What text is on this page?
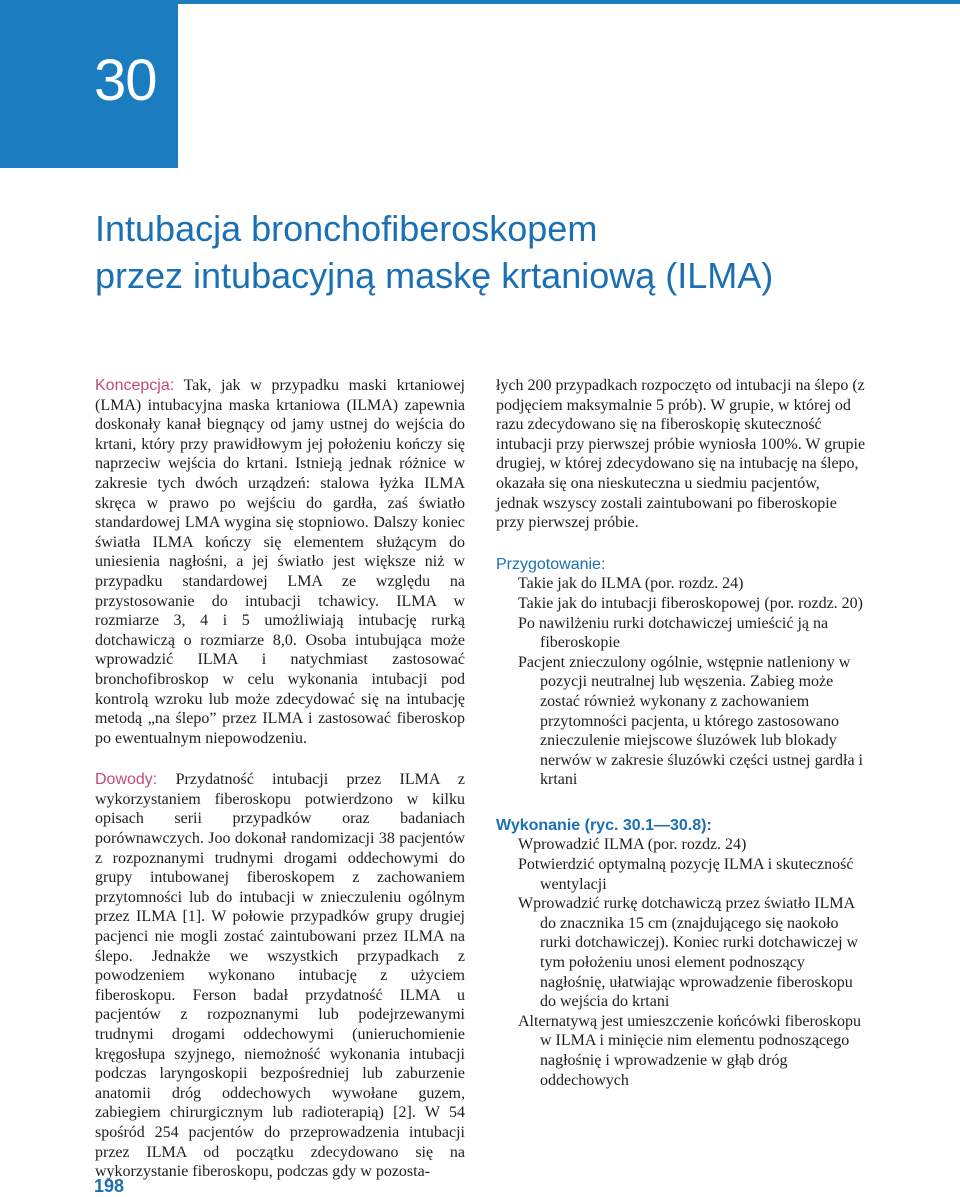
30
Intubacja bronchofiberoskopem
przez intubacyjną maskę krtaniową (ILMA)

Koncepcja: Tak, jak w przypadku maski krtaniowej (LMA) intubacyjna maska krtaniowa (ILMA) zapewnia doskonały kanał biegnący od jamy ustnej do wejścia do krtani, który przy prawidłowym jej położeniu kończy się naprzeciw wejścia do krtani. Istnieją jednak różnice w zakresie tych dwóch urządzeń: stalowa łyżka ILMA skręca w prawo po wejściu do gardła, zaś światło standardowej LMA wygina się stopniowo. Dalszy koniec światła ILMA kończy się elementem służącym do uniesienia nagłośni, a jej światło jest większe niż w przypadku standardowej LMA ze względu na przystosowanie do intubacji tchawicy. ILMA w rozmiarze 3, 4 i 5 umożliwiają intubację rurką dotchawiczą o rozmiarze 8,0. Osoba intubująca może wprowadzić ILMA i natychmiast zastosować bronchofibroskop w celu wykonania intubacji pod kontrolą wzroku lub może zdecydować się na intubację metodą „na ślepo” przez ILMA i zastosować fiberoskop po ewentualnym niepowodzeniu.

Dowody: Przydatność intubacji przez ILMA z wykorzystaniem fiberoskopu potwierdzono w kilku opisach serii przypadków oraz badaniach porównawczych. Joo dokonał randomizacji 38 pacjentów z rozpoznanymi trudnymi drogami oddechowymi do grupy intubowanej fiberoskopem z zachowaniem przytomności lub do intubacji w znieczuleniu ogólnym przez ILMA [1]. W połowie przypadków grupy drugiej pacjenci nie mogli zostać zaintubowani przez ILMA na ślepo. Jednakże we wszystkich przypadkach z powodzeniem wykonano intubację z użyciem fiberoskopu. Ferson badał przydatność ILMA u pacjentów z rozpoznanymi lub podejrzewanymi trudnymi drogami oddechowymi (unieruchomienie kręgosłupa szyjnego, niemożność wykonania intubacji podczas laryngoskopii bezpośredniej lub zaburzenie anatomii dróg oddechowych wywołane guzem, zabiegiem chirurgicznym lub radioterapią) [2]. W 54 spośród 254 pacjentów do przeprowadzenia intubacji przez ILMA od początku zdecydowano się na wykorzystanie fiberoskopu, podczas gdy w pozosta-

łych 200 przypadkach rozpoczęto od intubacji na ślepo (z podjęciem maksymalnie 5 prób). W grupie, w której od razu zdecydowano się na fiberoskopię skuteczność intubacji przy pierwszej próbie wyniosła 100%. W grupie drugiej, w której zdecydowano się na intubację na ślepo, okazała się ona nieskuteczna u siedmiu pacjentów, jednak wszyscy zostali zaintubowani po fiberoskopie przy pierwszej próbie.

Przygotowanie:

Takie jak do ILMA (por. rozdz. 24)
Takie jak do intubacji fiberoskopowej (por. rozdz. 20)
Po nawilżeniu rurki dotchawiczej umieścić ją na fiberoskopie
Pacjent znieczulony ogólnie, wstępnie natleniony w pozycji neutralnej lub węszenia. Zabieg może zostać również wykonany z zachowaniem przytomności pacjenta, u którego zastosowano znieczulenie miejscowe śluzówek lub blokady nerwów w zakresie śluzówki części ustnej gardła i krtani

Wykonanie (ryc. 30.1—30.8):

Wprowadzić ILMA (por. rozdz. 24)
Potwierdzić optymalną pozycję ILMA i skuteczność wentylacji
Wprowadzić rurkę dotchawiczą przez światło ILMA do znacznika 15 cm (znajdującego się naokoło rurki dotchawiczej). Koniec rurki dotchawiczej w tym położeniu unosi element podnoszący nagłośnię, ułatwiając wprowadzenie fiberoskopu do wejścia do krtani
Alternatywą jest umieszczenie końcówki fiberoskopu w ILMA i minięcie nim elementu podnoszącego nagłośnię i wprowadzenie w głąb dróg oddechowych
198
